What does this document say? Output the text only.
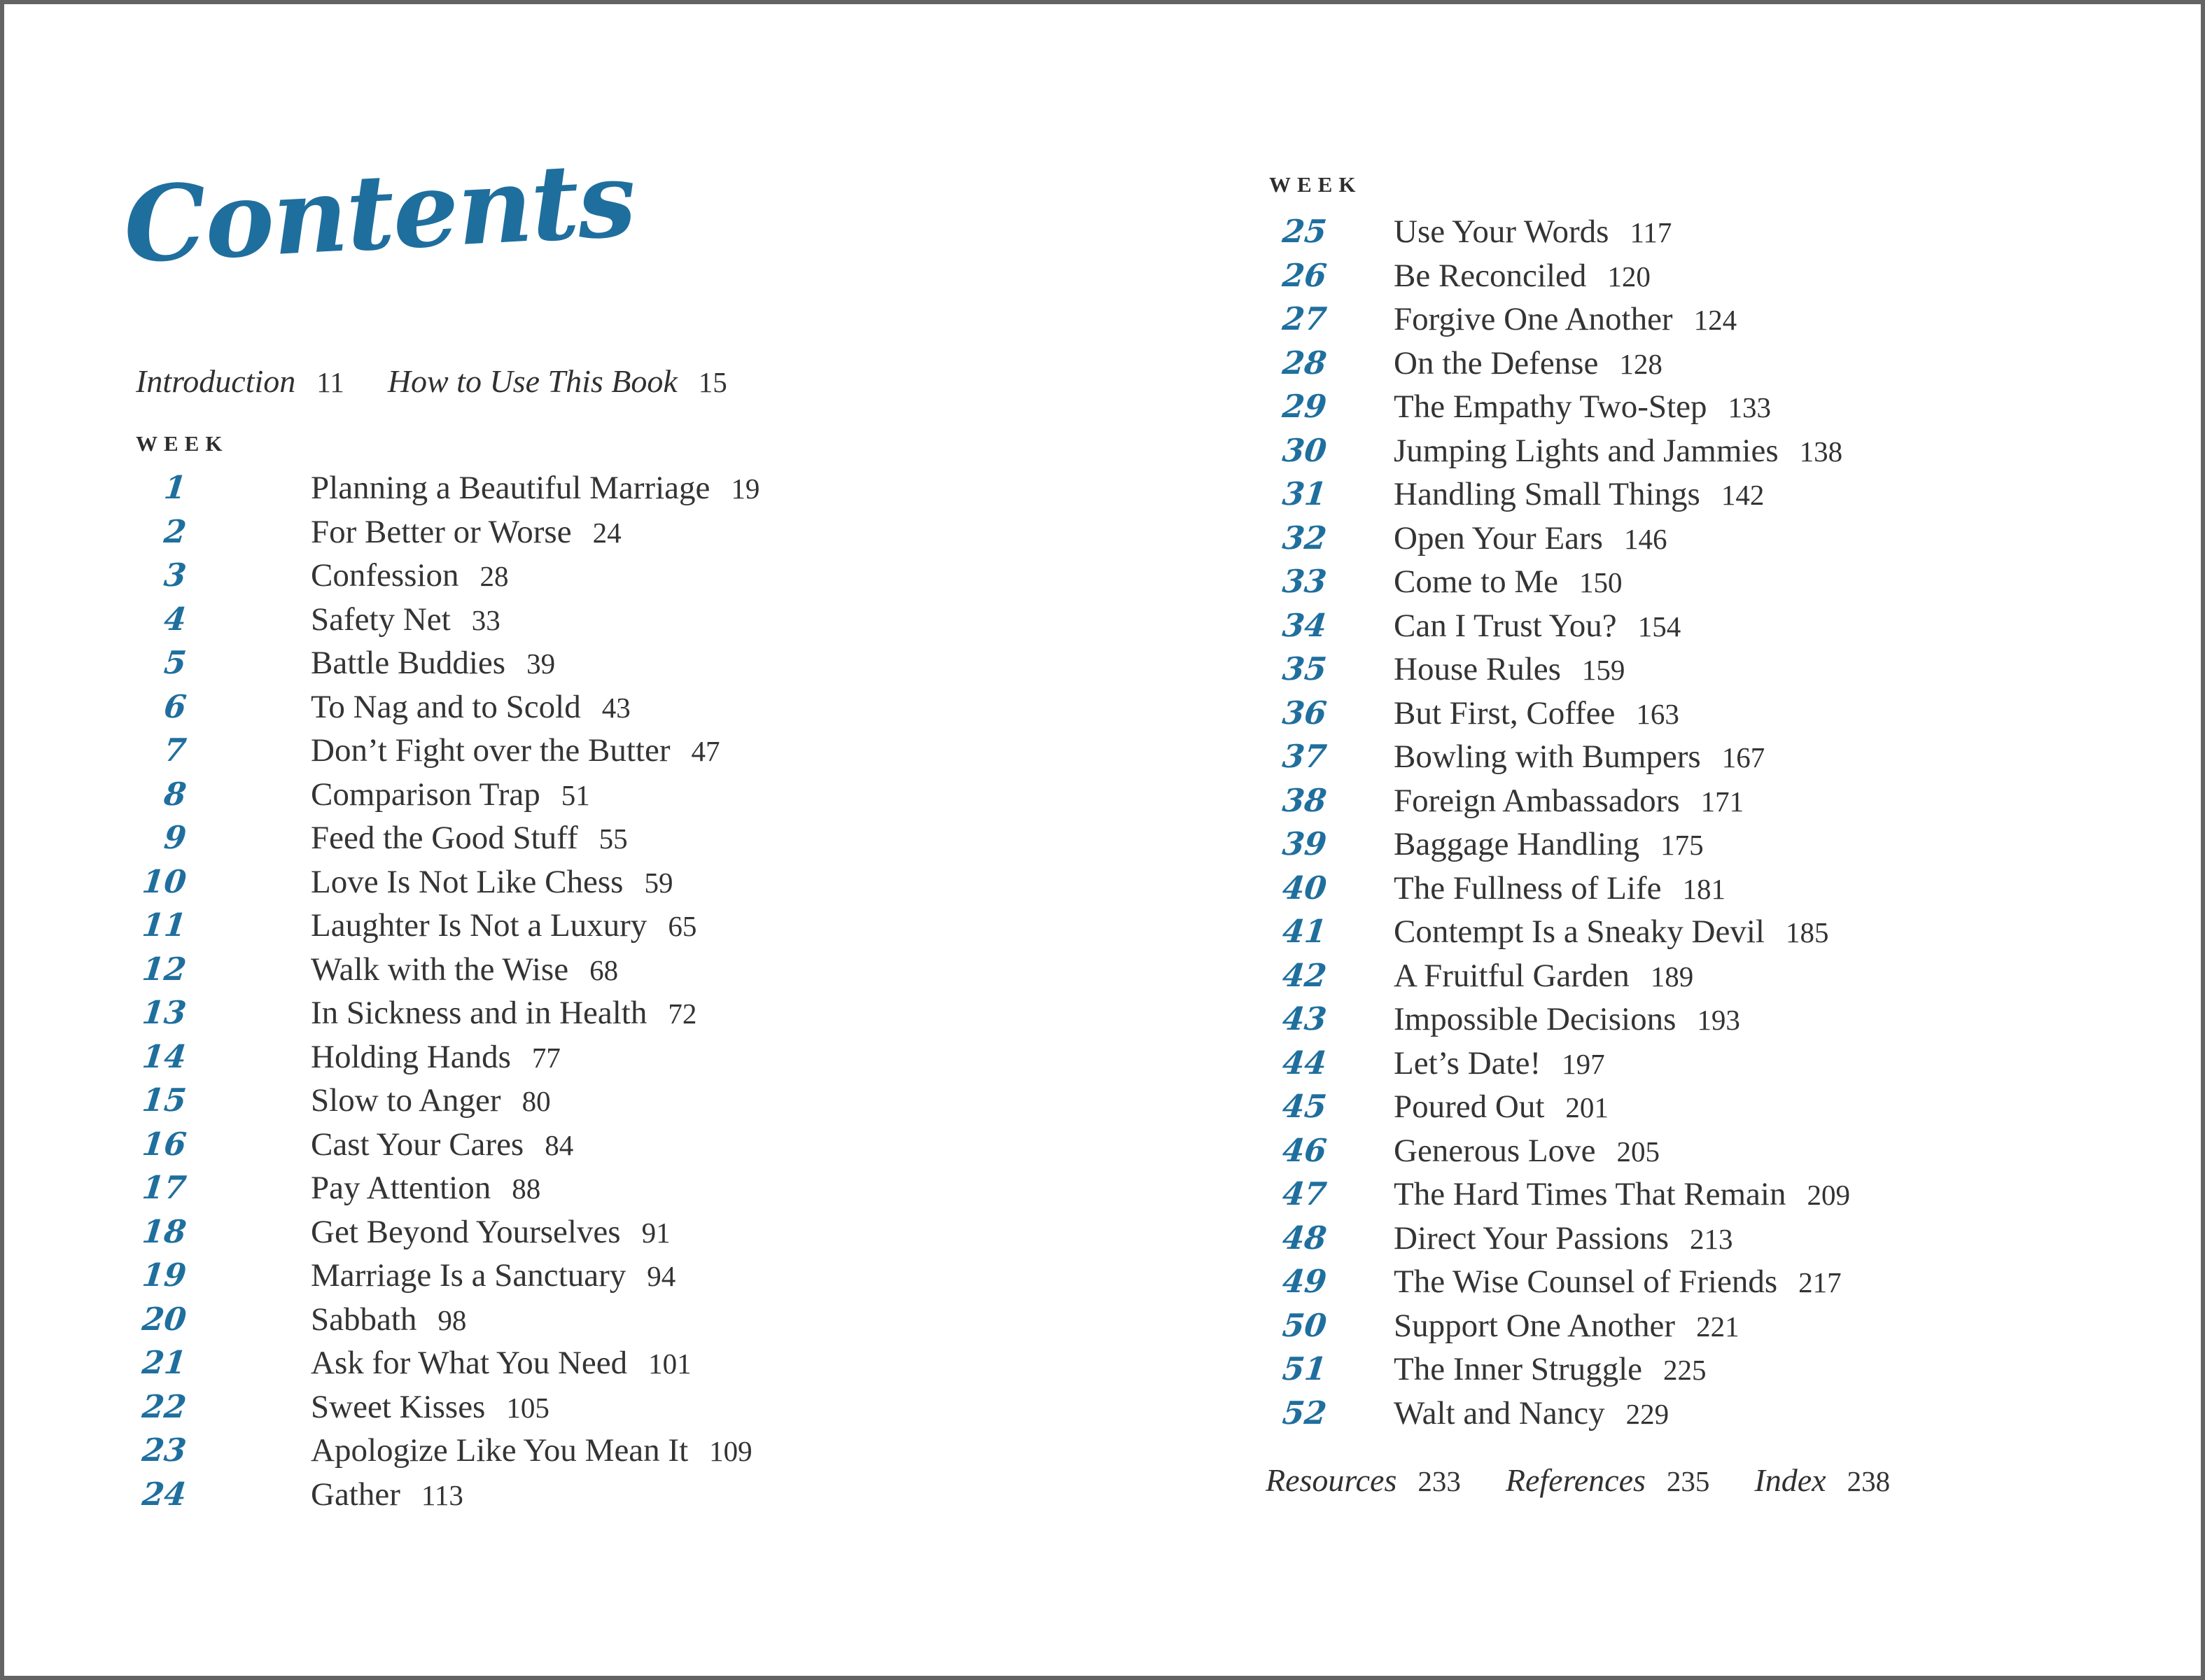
Contents
Introduction 11 How to Use This Book 15
WEEK
WEEK
1	Planning a Beautiful Marriage 19
2	For Better or Worse 24
3	Confession 28
4	Safety Net 33
5	Battle Buddies 39
6	To Nag and to Scold 43
7	Don’t Fight over the Butter 47
8	Comparison Trap 51
9	Feed the Good Stuff 55
10	Love Is Not Like Chess 59
11	Laughter Is Not a Luxury 65
12	Walk with the Wise 68
13	In Sickness and in Health 72
14	Holding Hands 77
15	Slow to Anger 80
16	Cast Your Cares 84
17	Pay Attention 88
18	Get Beyond Yourselves 91
19	Marriage Is a Sanctuary 94
20	Sabbath 98
21	Ask for What You Need 101
22	Sweet Kisses 105
23	Apologize Like You Mean It 109
24	Gather 113
25 Use Your Words 117
26 Be Reconciled 120
27 Forgive One Another 124
28 On the Defense 128
29 The Empathy Two-Step 133
30 Jumping Lights and Jammies 138
31 Handling Small Things 142
32 Open Your Ears 146
33 Come to Me 150
34 Can I Trust You? 154
35 House Rules 159
36 But First, Coffee 163
37 Bowling with Bumpers 167
38 Foreign Ambassadors 171
39 Baggage Handling 175
40 The Fullness of Life 181
41 Contempt Is a Sneaky Devil 185
42 A Fruitful Garden 189
43 Impossible Decisions 193
44 Let’s Date! 197
45 Poured Out 201
46 Generous Love 205
47 The Hard Times That Remain 209
48 Direct Your Passions 213
49 The Wise Counsel of Friends 217
50 Support One Another 221
51 The Inner Struggle 225
52 Walt and Nancy 229
Resources 233 References 235 Index 238
